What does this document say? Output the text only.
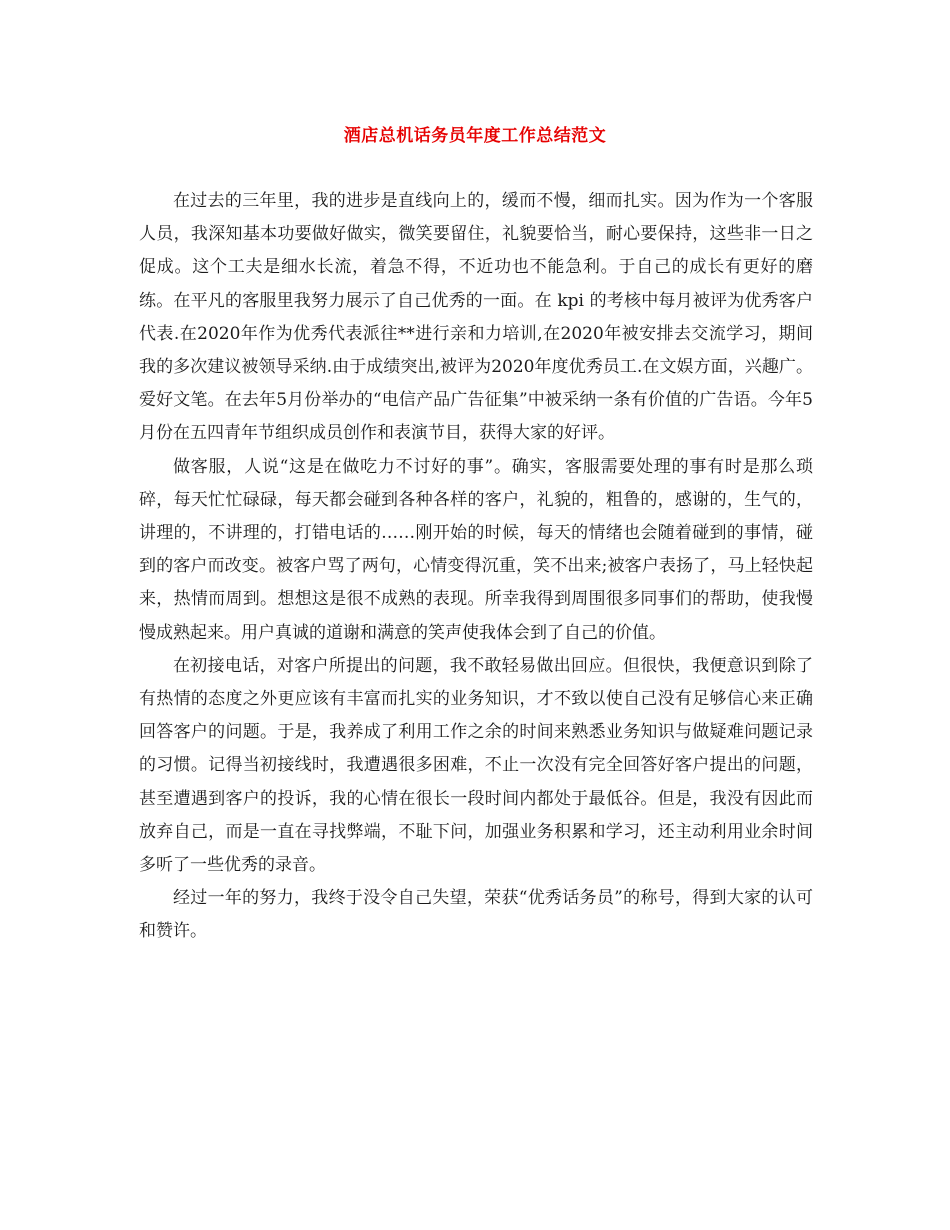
酒店总机话务员年度工作总结范文

在过去的三年里，我的进步是直线向上的，缓而不慢，细而扎实。因为作为一个客服人员，我深知基本功要做好做实，微笑要留住，礼貌要恰当，耐心要保持，这些非一日之促成。这个工夫是细水长流，着急不得，不近功也不能急利。于自己的成长有更好的磨练。在平凡的客服里我努力展示了自己优秀的一面。在 kpi 的考核中每月被评为优秀客户代表.在2020年作为优秀代表派往**进行亲和力培训,在2020年被安排去交流学习，期间我的多次建议被领导采纳.由于成绩突出,被评为2020年度优秀员工.在文娱方面，兴趣广。爱好文笔。在去年5月份举办的“电信产品广告征集”中被采纳一条有价值的广告语。今年5月份在五四青年节组织成员创作和表演节目，获得大家的好评。

做客服，人说“这是在做吃力不讨好的事”。确实，客服需要处理的事有时是那么琐碎，每天忙忙碌碌，每天都会碰到各种各样的客户，礼貌的，粗鲁的，感谢的，生气的，讲理的，不讲理的，打错电话的……刚开始的时候，每天的情绪也会随着碰到的事情，碰到的客户而改变。被客户骂了两句，心情变得沉重，笑不出来;被客户表扬了，马上轻快起来，热情而周到。想想这是很不成熟的表现。所幸我得到周围很多同事们的帮助，使我慢慢成熟起来。用户真诚的道谢和满意的笑声使我体会到了自己的价值。

在初接电话，对客户所提出的问题，我不敢轻易做出回应。但很快，我便意识到除了有热情的态度之外更应该有丰富而扎实的业务知识，才不致以使自己没有足够信心来正确回答客户的问题。于是，我养成了利用工作之余的时间来熟悉业务知识与做疑难问题记录的习惯。记得当初接线时，我遭遇很多困难，不止一次没有完全回答好客户提出的问题，甚至遭遇到客户的投诉，我的心情在很长一段时间内都处于最低谷。但是，我没有因此而放弃自己，而是一直在寻找弊端，不耻下问，加强业务积累和学习，还主动利用业余时间多听了一些优秀的录音。

经过一年的努力，我终于没令自己失望，荣获“优秀话务员”的称号，得到大家的认可和赞许。
